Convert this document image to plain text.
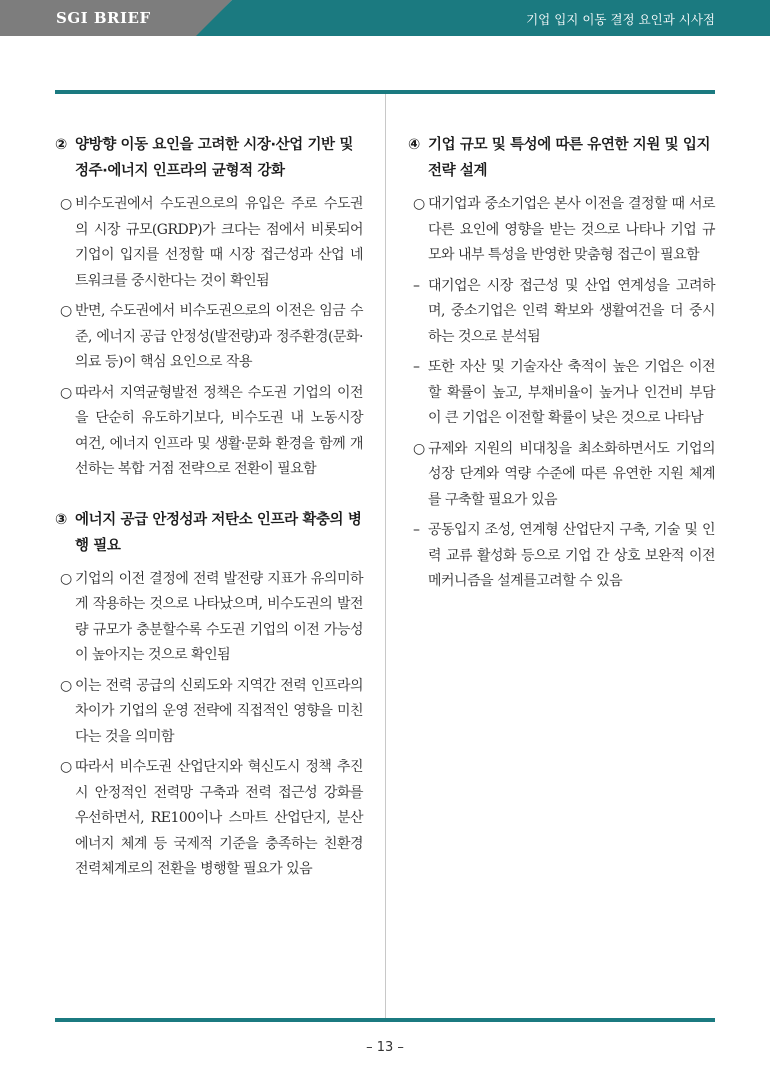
SGI BRIEF	기업 입지 이동 결정 요인과 시사점
② 양방향 이동 요인을 고려한 시장·산업 기반 및 정주·에너지 인프라의 균형적 강화
○ 비수도권에서 수도권으로의 유입은 주로 수도권의 시장 규모(GRDP)가 크다는 점에서 비롯되어 기업이 입지를 선정할 때 시장 접근성과 산업 네트워크를 중시한다는 것이 확인됨
○ 반면, 수도권에서 비수도권으로의 이전은 임금 수준, 에너지 공급 안정성(발전량)과 정주환경(문화·의료 등)이 핵심 요인으로 작용
○ 따라서 지역균형발전 정책은 수도권 기업의 이전을 단순히 유도하기보다, 비수도권 내 노동시장 여건, 에너지 인프라 및 생활·문화 환경을 함께 개선하는 복합 거점 전략으로 전환이 필요함
③ 에너지 공급 안정성과 저탄소 인프라 확충의 병행 필요
○ 기업의 이전 결정에 전력 발전량 지표가 유의미하게 작용하는 것으로 나타났으며, 비수도권의 발전량 규모가 충분할수록 수도권 기업의 이전 가능성이 높아지는 것으로 확인됨
○ 이는 전력 공급의 신뢰도와 지역간 전력 인프라의 차이가 기업의 운영 전략에 직접적인 영향을 미친다는 것을 의미함
○ 따라서 비수도권 산업단지와 혁신도시 정책 추진 시 안정적인 전력망 구축과 전력 접근성 강화를 우선하면서, RE100이나 스마트 산업단지, 분산 에너지 체계 등 국제적 기준을 충족하는 친환경 전력체계로의 전환을 병행할 필요가 있음
④ 기업 규모 및 특성에 따른 유연한 지원 및 입지 전략 설계
○ 대기업과 중소기업은 본사 이전을 결정할 때 서로 다른 요인에 영향을 받는 것으로 나타나 기업 규모와 내부 특성을 반영한 맞춤형 접근이 필요함
– 대기업은 시장 접근성 및 산업 연계성을 고려하며, 중소기업은 인력 확보와 생활여건을 더 중시하는 것으로 분석됨
– 또한 자산 및 기술자산 축적이 높은 기업은 이전할 확률이 높고, 부채비율이 높거나 인건비 부담이 큰 기업은 이전할 확률이 낮은 것으로 나타남
○ 규제와 지원의 비대칭을 최소화하면서도 기업의 성장 단계와 역량 수준에 따른 유연한 지원 체계를 구축할 필요가 있음
– 공동입지 조성, 연계형 산업단지 구축, 기술 및 인력 교류 활성화 등으로 기업 간 상호 보완적 이전 메커니즘을 설계를고려할 수 있음
– 13 –
